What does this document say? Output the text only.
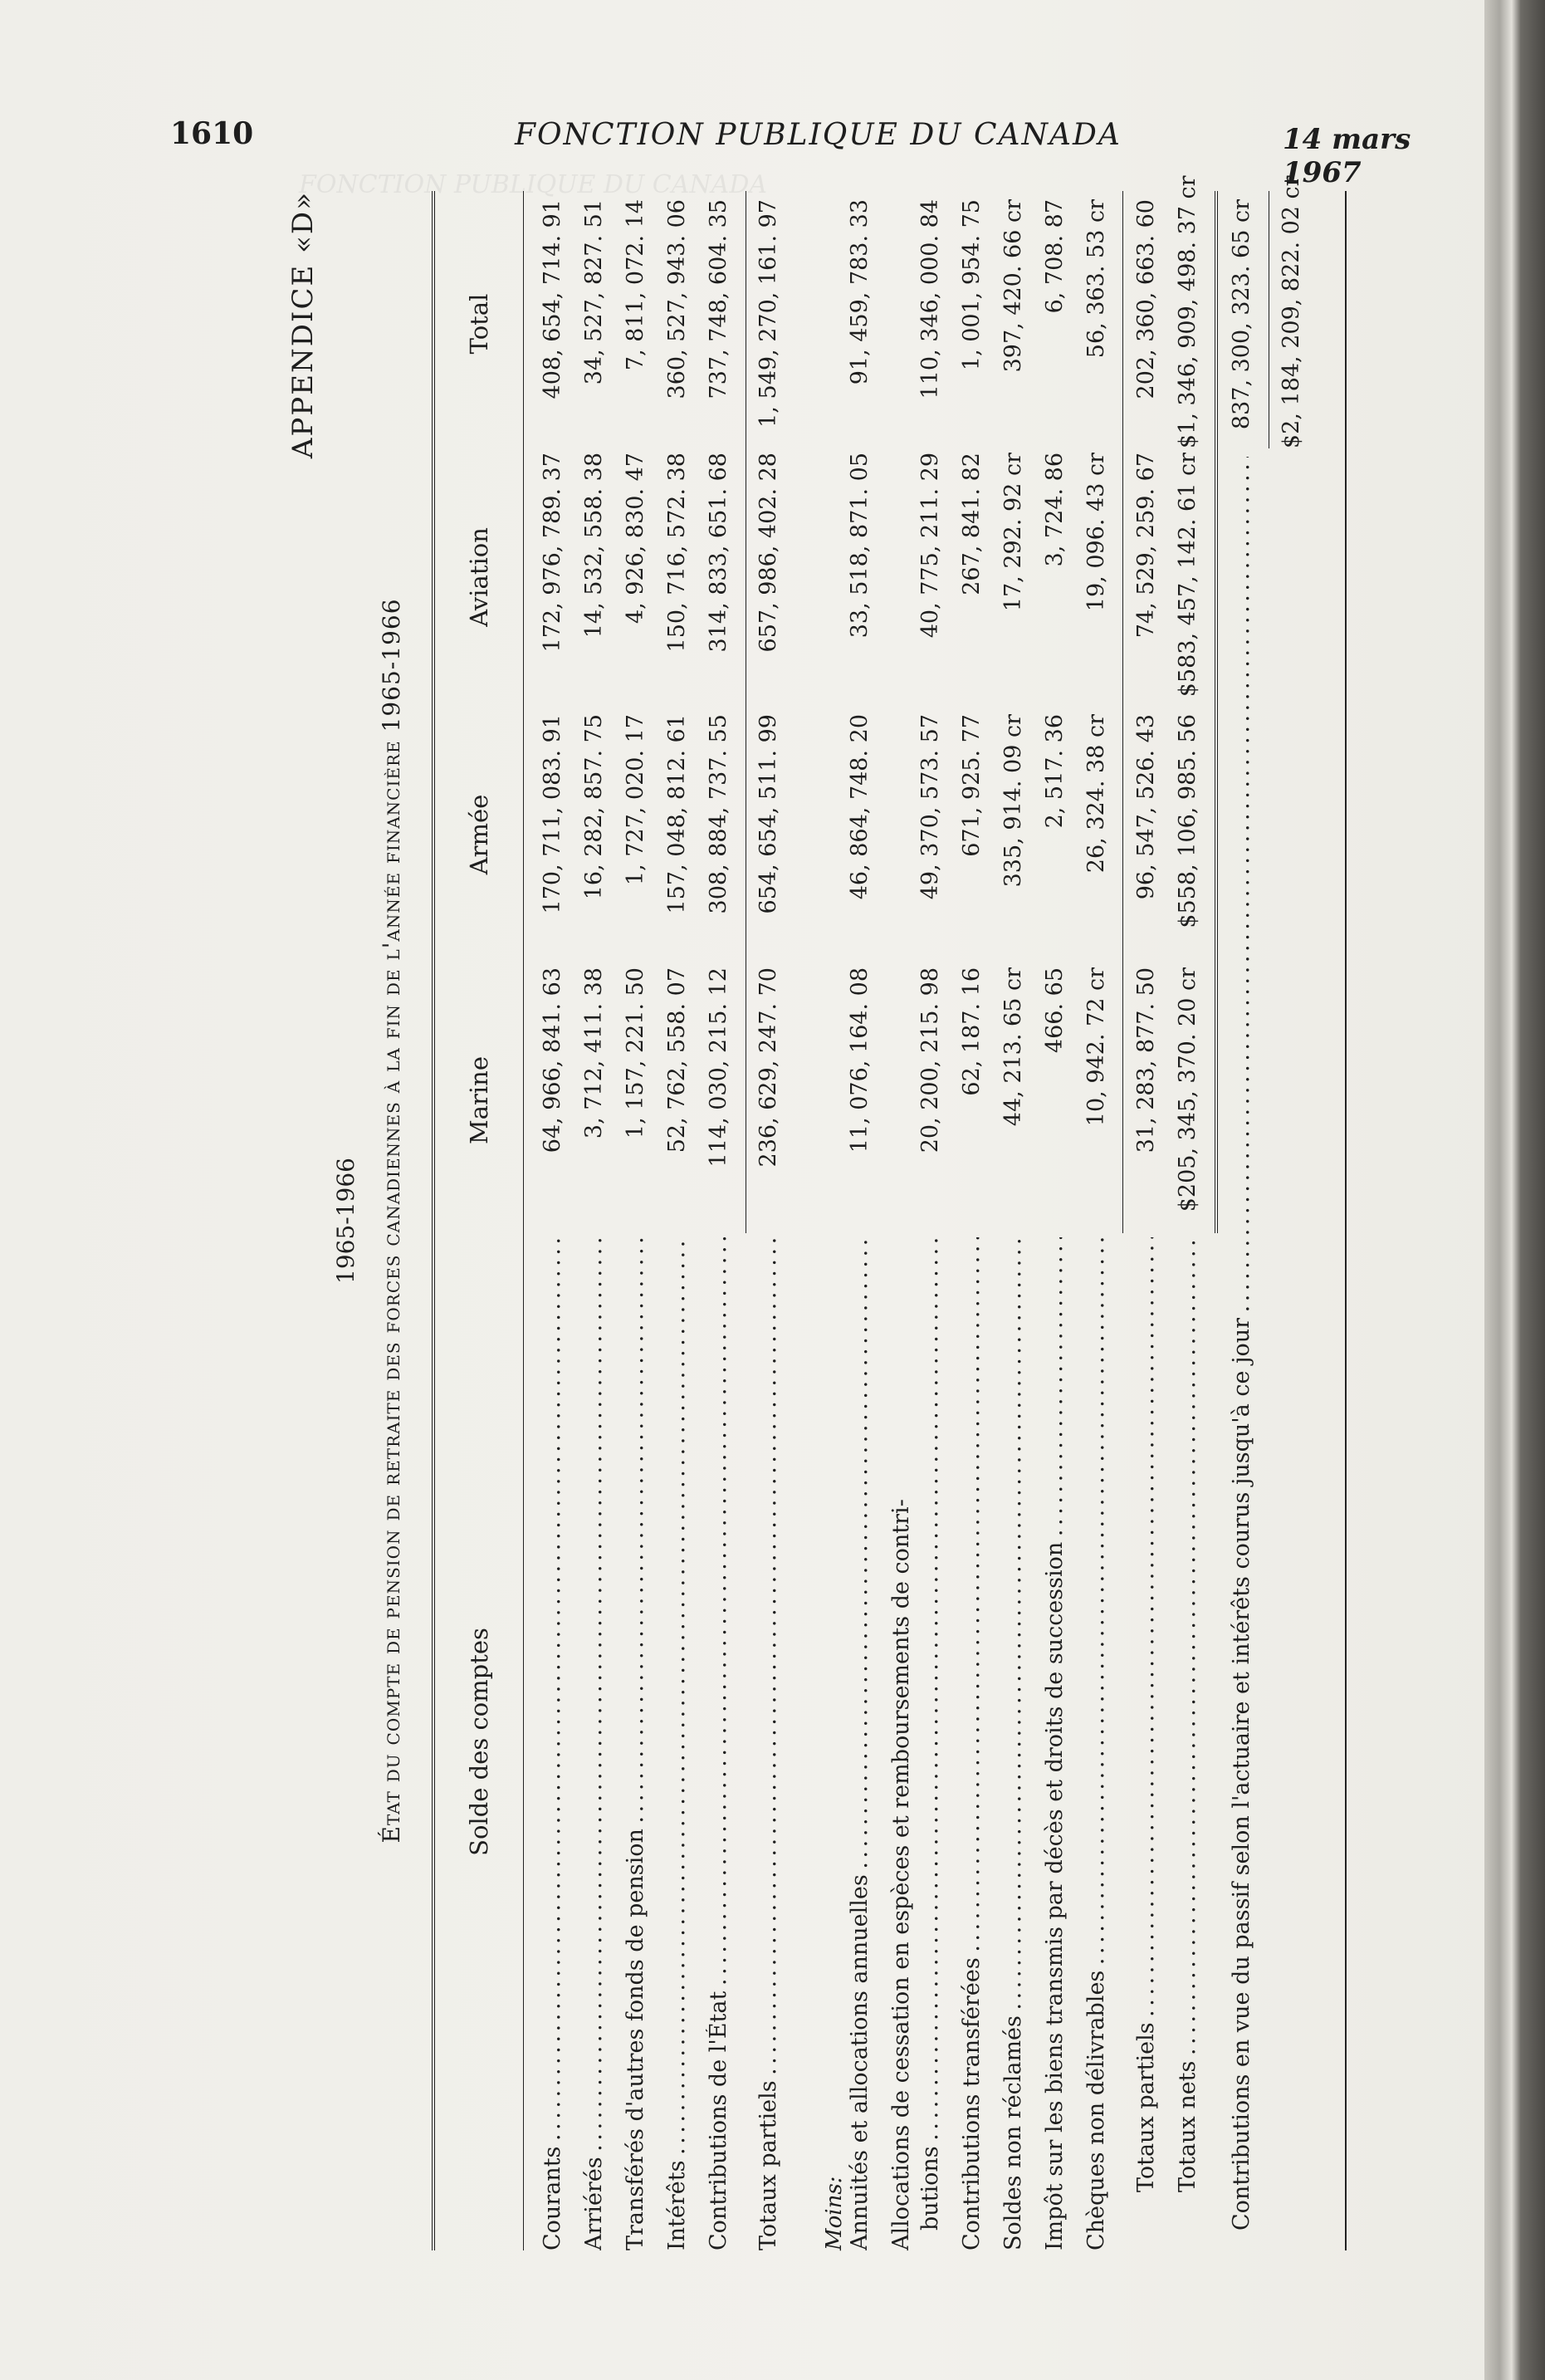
FONCTION PUBLIQUE DU CANADA
1610	FONCTION PUBLIQUE DU CANADA	14 mars 1967
APPENDICE «D»
1965-1966 État du compte de pension de retraite des forces canadiennes à la fin de l'année financière 1965-1966 Solde des comptes
Marine
Armée
Aviation
Total
Courants . . .
64, 966, 841. 63
170, 711, 083. 91
172, 976, 789. 37
408, 654, 714. 91
Arriérés . . .
3, 712, 411. 38
16, 282, 857. 75
14, 532, 558. 38
34, 527, 827. 51
Transférés d'autres fonds de pension . . .
1, 157, 221. 50
1, 727, 020. 17
4, 926, 830. 47
7, 811, 072. 14
Intérêts . . .
52, 762, 558. 07
157, 048, 812. 61
150, 716, 572. 38
360, 527, 943. 06
Contributions de l'État . . .
114, 030, 215. 12
308, 884, 737. 55
314, 833, 651. 68
737, 748, 604. 35
Totaux partiels . . .
236, 629, 247. 70
654, 654, 511. 99
657, 986, 402. 28
1, 549, 270, 161. 97
Moins: Annuités et allocations annuelles . . .
11, 076, 164. 08
46, 864, 748. 20
33, 518, 871. 05
91, 459, 783. 33
Allocations de cessation en espèces et remboursements de contri- butions . . .
20, 200, 215. 98
49, 370, 573. 57
40, 775, 211. 29
110, 346, 000. 84
Contributions transférées . . .
62, 187. 16
671, 925. 77
267, 841. 82
1, 001, 954. 75
Soldes non réclamés . . .
44, 213. 65 cr
335, 914. 09 cr
17, 292. 92 cr
397, 420. 66 cr
Impôt sur les biens transmis par décès et droits de succession . . .
466. 65
2, 517. 36
3, 724. 86
6, 708. 87
Chèques non délivrables . . .
10, 942. 72 cr
26, 324. 38 cr
19, 096. 43 cr
56, 363. 53 cr
Totaux partiels . . .
31, 283, 877. 50
96, 547, 526. 43
74, 529, 259. 67
202, 360, 663. 60
Totaux nets . . .
$205, 345, 370. 20 cr
$558, 106, 985. 56
$583, 457, 142. 61 cr
$1, 346, 909, 498. 37 cr
Contributions en vue du passif selon l'actuaire et intérêts courus jusqu'à ce jour . . .
837, 300, 323. 65 cr $2, 184, 209, 822. 02 cr
